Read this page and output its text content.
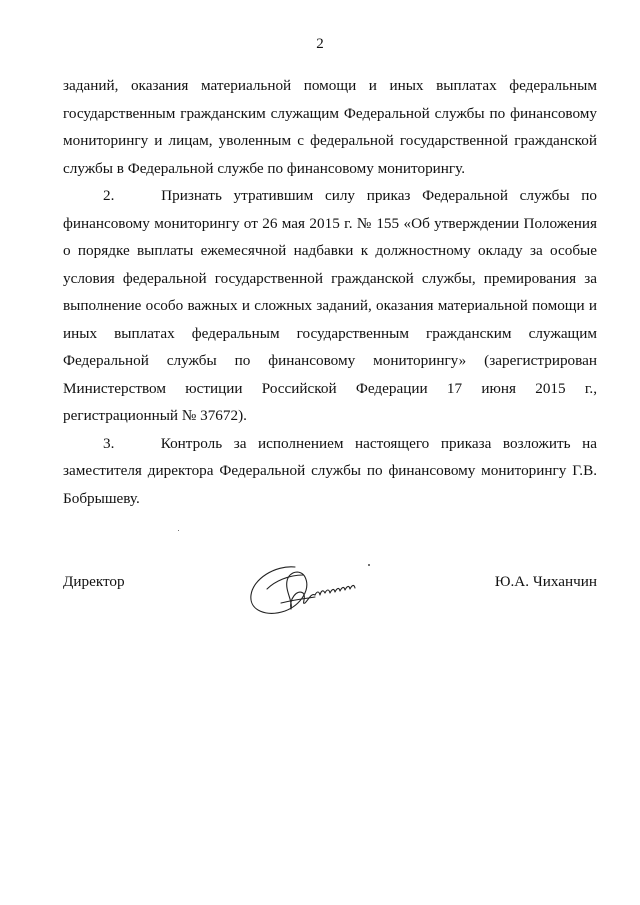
2

заданий, оказания материальной помощи и иных выплатах федеральным государственным гражданским служащим Федеральной службы по финансовому мониторингу и лицам, уволенным с федеральной государственной гражданской службы в Федеральной службе по финансовому мониторингу.

2.    Признать утратившим силу приказ Федеральной службы по финансовому мониторингу от 26 мая 2015 г. № 155 «Об утверждении Положения о порядке выплаты ежемесячной надбавки к должностному окладу за особые условия федеральной государственной гражданской службы, премирования за выполнение особо важных и сложных заданий, оказания материальной помощи и иных выплатах федеральным государственным гражданским служащим Федеральной службы по финансовому мониторингу» (зарегистрирован Министерством юстиции Российской Федерации 17 июня 2015 г., регистрационный № 37672).

3.    Контроль за исполнением настоящего приказа возложить на заместителя директора Федеральной службы по финансовому мониторингу Г.В. Бобрышеву.

Директор	Ю.А. Чиханчин
